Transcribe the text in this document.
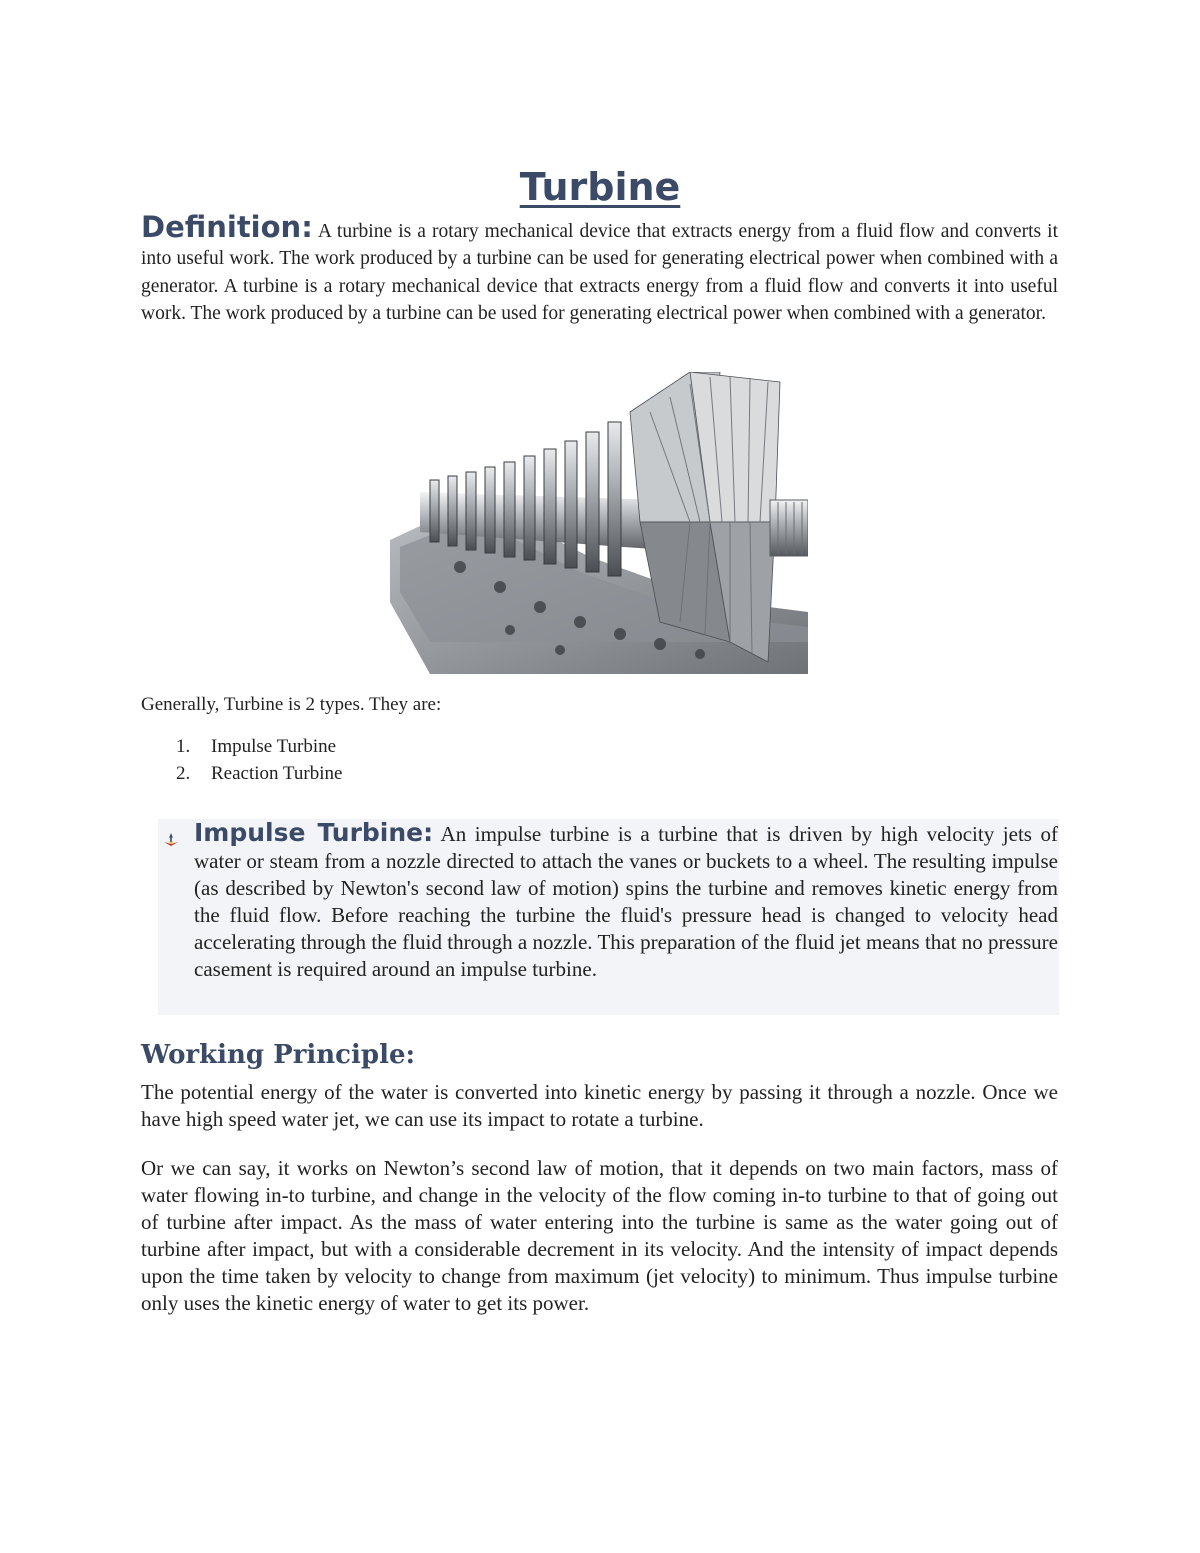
Turbine
Definition: A turbine is a rotary mechanical device that extracts energy from a fluid flow and converts it into useful work. The work produced by a turbine can be used for generating electrical power when combined with a generator. A turbine is a rotary mechanical device that extracts energy from a fluid flow and converts it into useful work. The work produced by a turbine can be used for generating electrical power when combined with a generator.
Generally, Turbine is 2 types. They are:
1.	Impulse Turbine
2.	Reaction Turbine
Impulse Turbine: An impulse turbine is a turbine that is driven by high velocity jets of water or steam from a nozzle directed to attach the vanes or buckets to a wheel. The resulting impulse (as described by Newton's second law of motion) spins the turbine and removes kinetic energy from the fluid flow. Before reaching the turbine the fluid's pressure head is changed to velocity head accelerating through the fluid through a nozzle. This preparation of the fluid jet means that no pressure casement is required around an impulse turbine.
Working Principle:
The potential energy of the water is converted into kinetic energy by passing it through a nozzle. Once we have high speed water jet, we can use its impact to rotate a turbine.
Or we can say, it works on Newton’s second law of motion, that it depends on two main factors, mass of water flowing in-to turbine, and change in the velocity of the flow coming in-to turbine to that of going out of turbine after impact. As the mass of water entering into the turbine is same as the water going out of turbine after impact, but with a considerable decrement in its velocity. And the intensity of impact depends upon the time taken by velocity to change from maximum (jet velocity) to minimum. Thus impulse turbine only uses the kinetic energy of water to get its power.
